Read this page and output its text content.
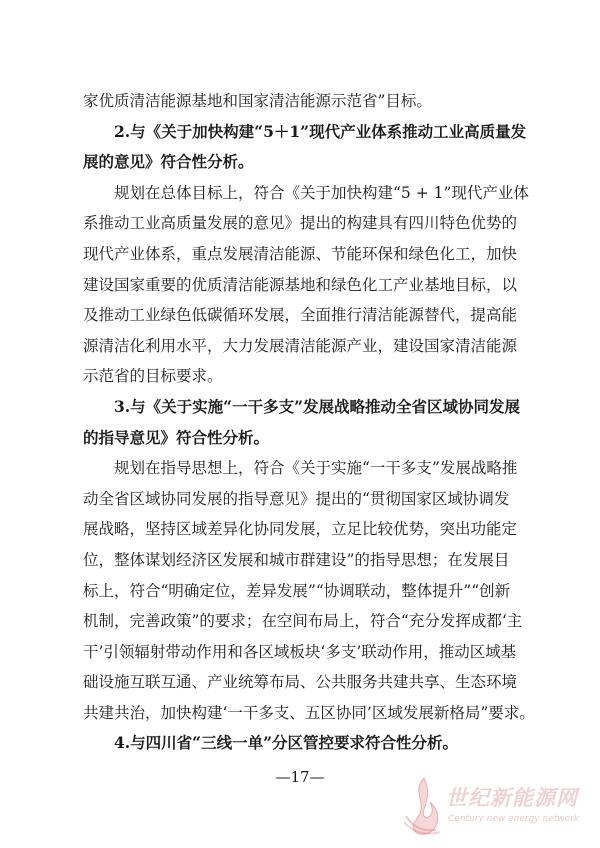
家优质清洁能源基地和国家清洁能源示范省”目标。
2.与《关于加快构建“5＋1”现代产业体系推动工业高质量发
展的意见》符合性分析。
规划在总体目标上，符合《关于加快构建“5 + 1”现代产业体
系推动工业高质量发展的意见》提出的构建具有四川特色优势的
现代产业体系，重点发展清洁能源、节能环保和绿色化工，加快
建设国家重要的优质清洁能源基地和绿色化工产业基地目标，以
及推动工业绿色低碳循环发展，全面推行清洁能源替代，提高能
源清洁化利用水平，大力发展清洁能源产业，建设国家清洁能源
示范省的目标要求。
3.与《关于实施“一干多支”发展战略推动全省区域协同发展
的指导意见》符合性分析。
规划在指导思想上，符合《关于实施“一干多支”发展战略推
动全省区域协同发展的指导意见》提出的“贯彻国家区域协调发
展战略，坚持区域差异化协同发展，立足比较优势，突出功能定
位，整体谋划经济区发展和城市群建设”的指导思想；在发展目
标上，符合“明确定位，差异发展”“协调联动，整体提升”“创新
机制，完善政策”的要求；在空间布局上，符合“充分发挥成都‘主
干’引领辐射带动作用和各区域板块‘多支’联动作用，推动区域基
础设施互联互通、产业统筹布局、公共服务共建共享、生态环境
共建共治，加快构建‘一干多支、五区协同’区域发展新格局”要求。
4.与四川省“三线一单”分区管控要求符合性分析。
—17—
世纪新能源网
Century new energy network
